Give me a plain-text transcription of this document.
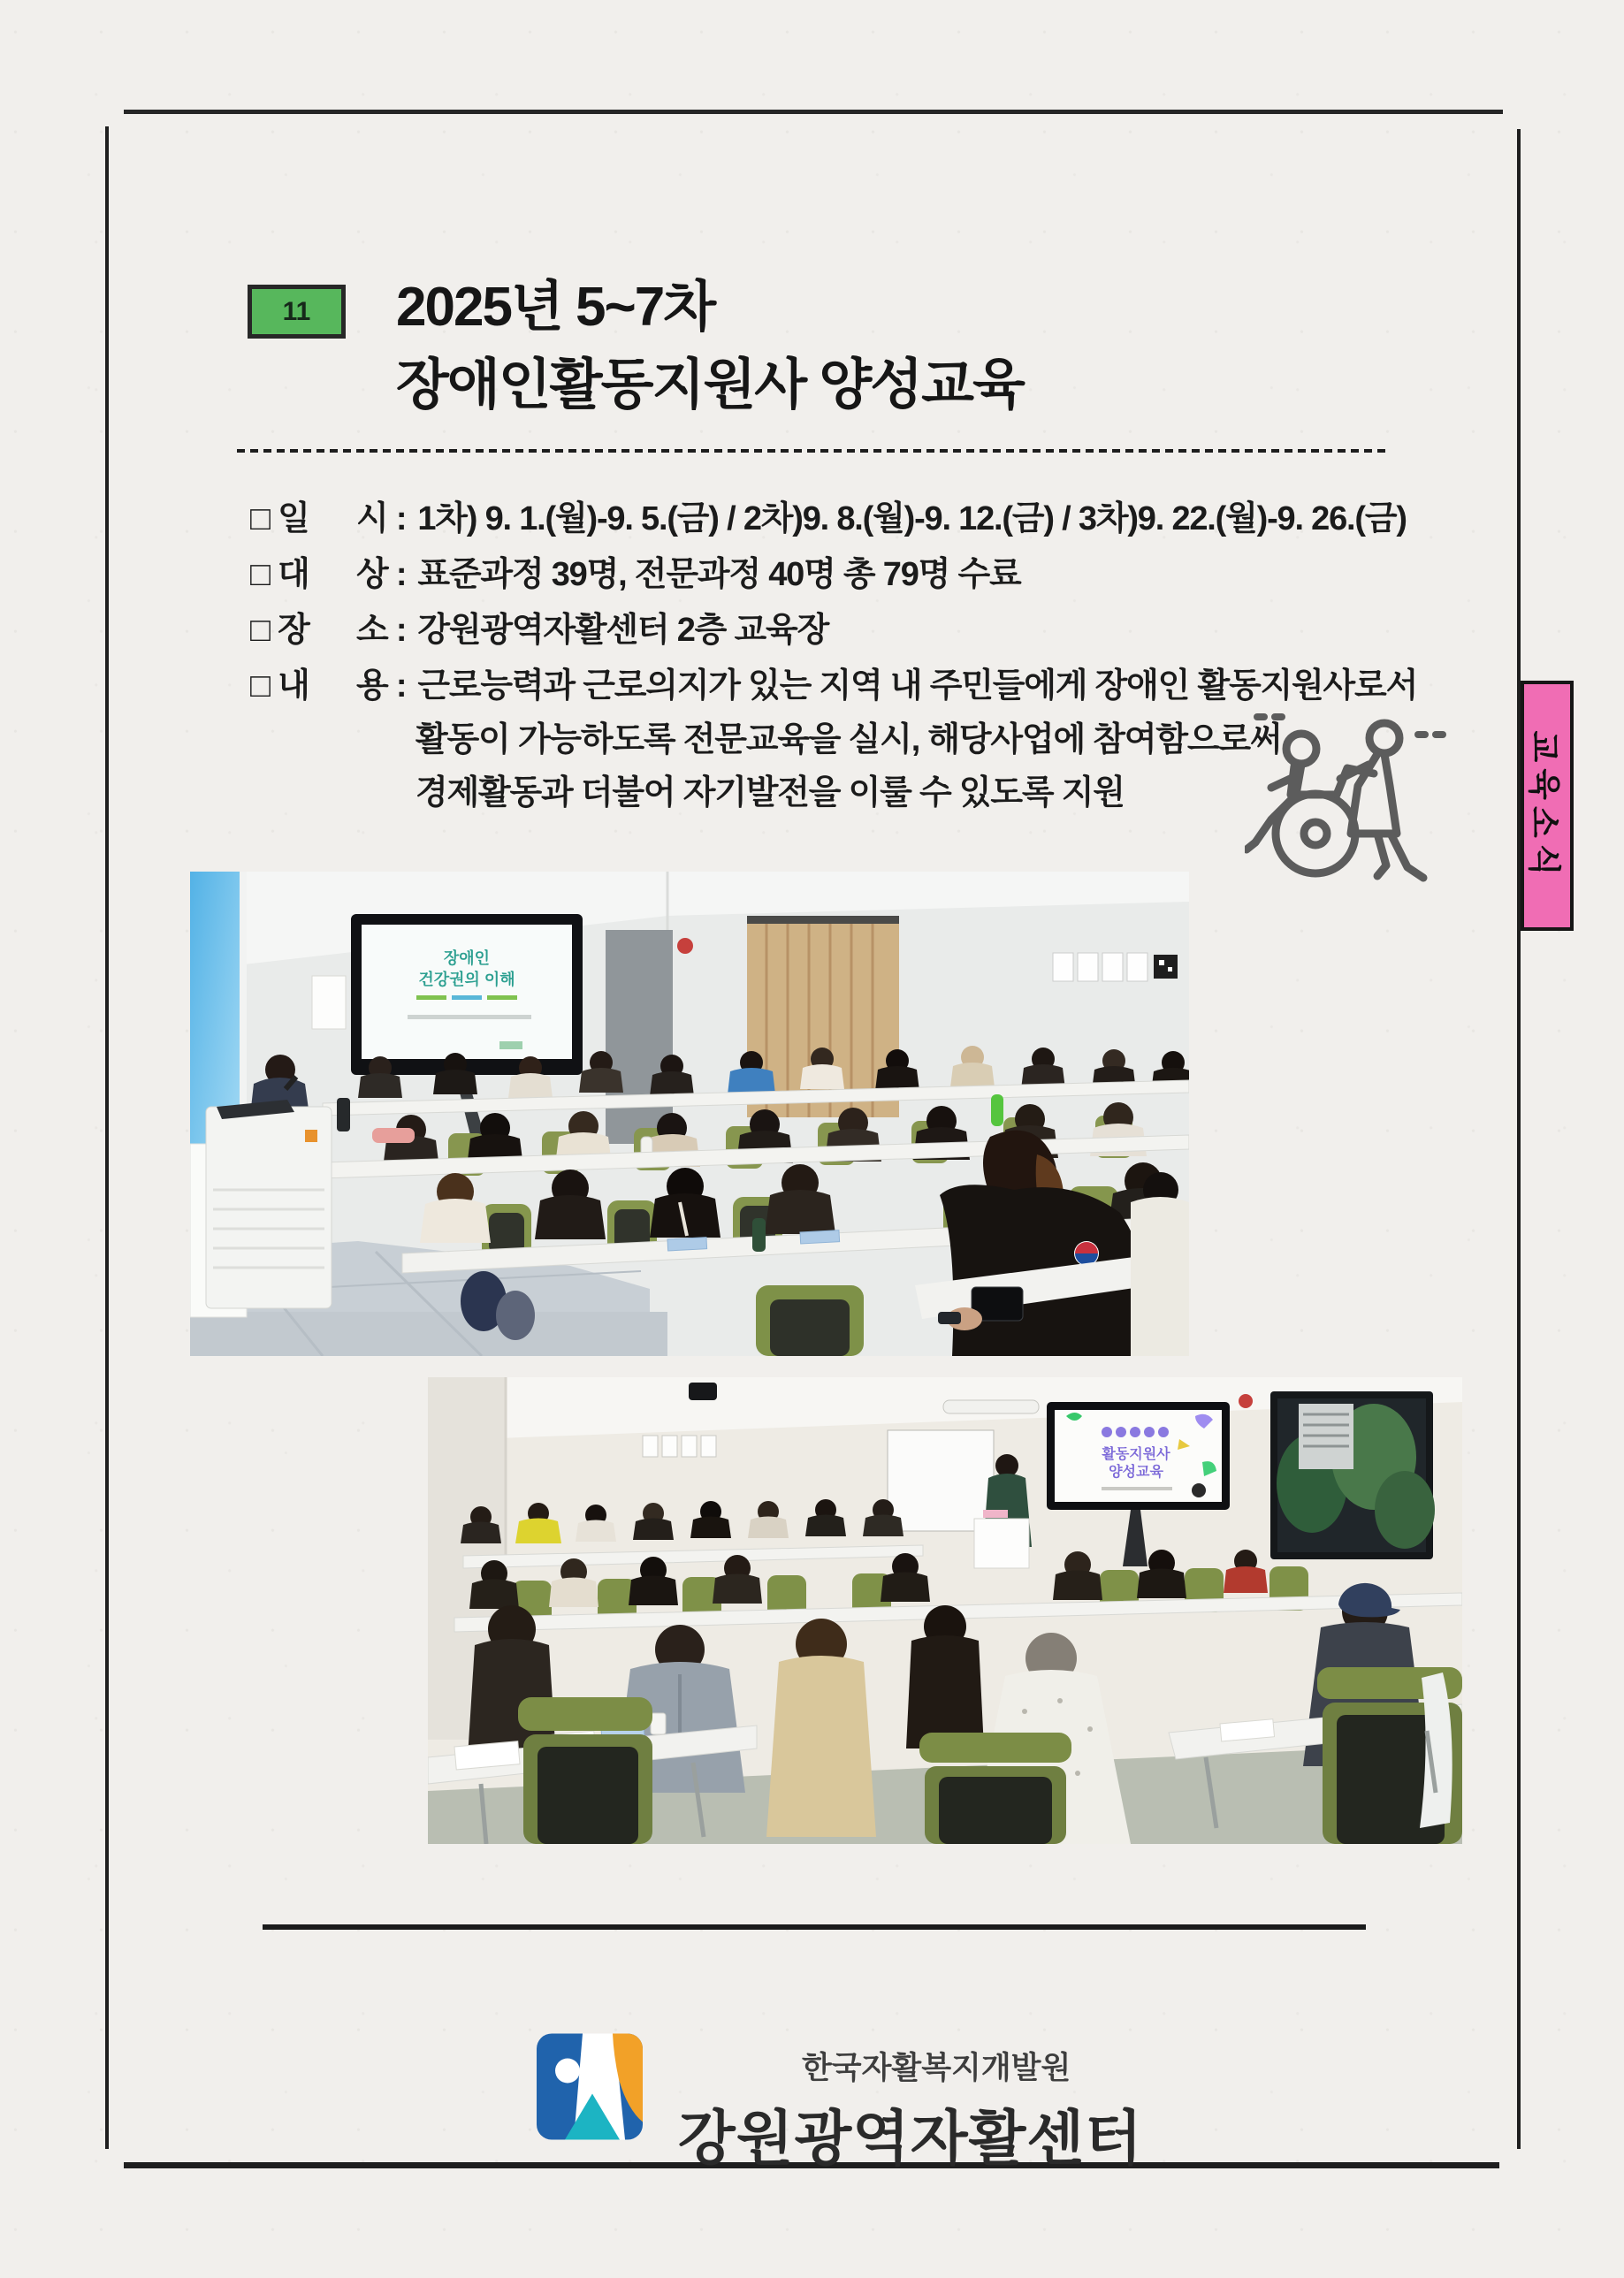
11 2025년 5~7차
장애인활동지원사 양성교육
□ 일	시 : 1차) 9. 1.(월)-9. 5.(금) / 2차)9. 8.(월)-9. 12.(금) / 3차)9. 22.(월)-9. 26.(금)
□ 대	상 : 표준과정 39명, 전문과정 40명 총 79명 수료
□ 장	소 : 강원광역자활센터 2층 교육장
□ 내	용 : 근로능력과 근로의지가 있는 지역 내 주민들에게 장애인 활동지원사로서
활동이 가능하도록 전문교육을 실시, 해당사업에 참여함으로써
경제활동과 더불어 자기발전을 이룰 수 있도록 지원	교육소식
장애인
건강권의 이해
활동지원사
양성교육
한국자활복지개발원
강원광역자활센터
